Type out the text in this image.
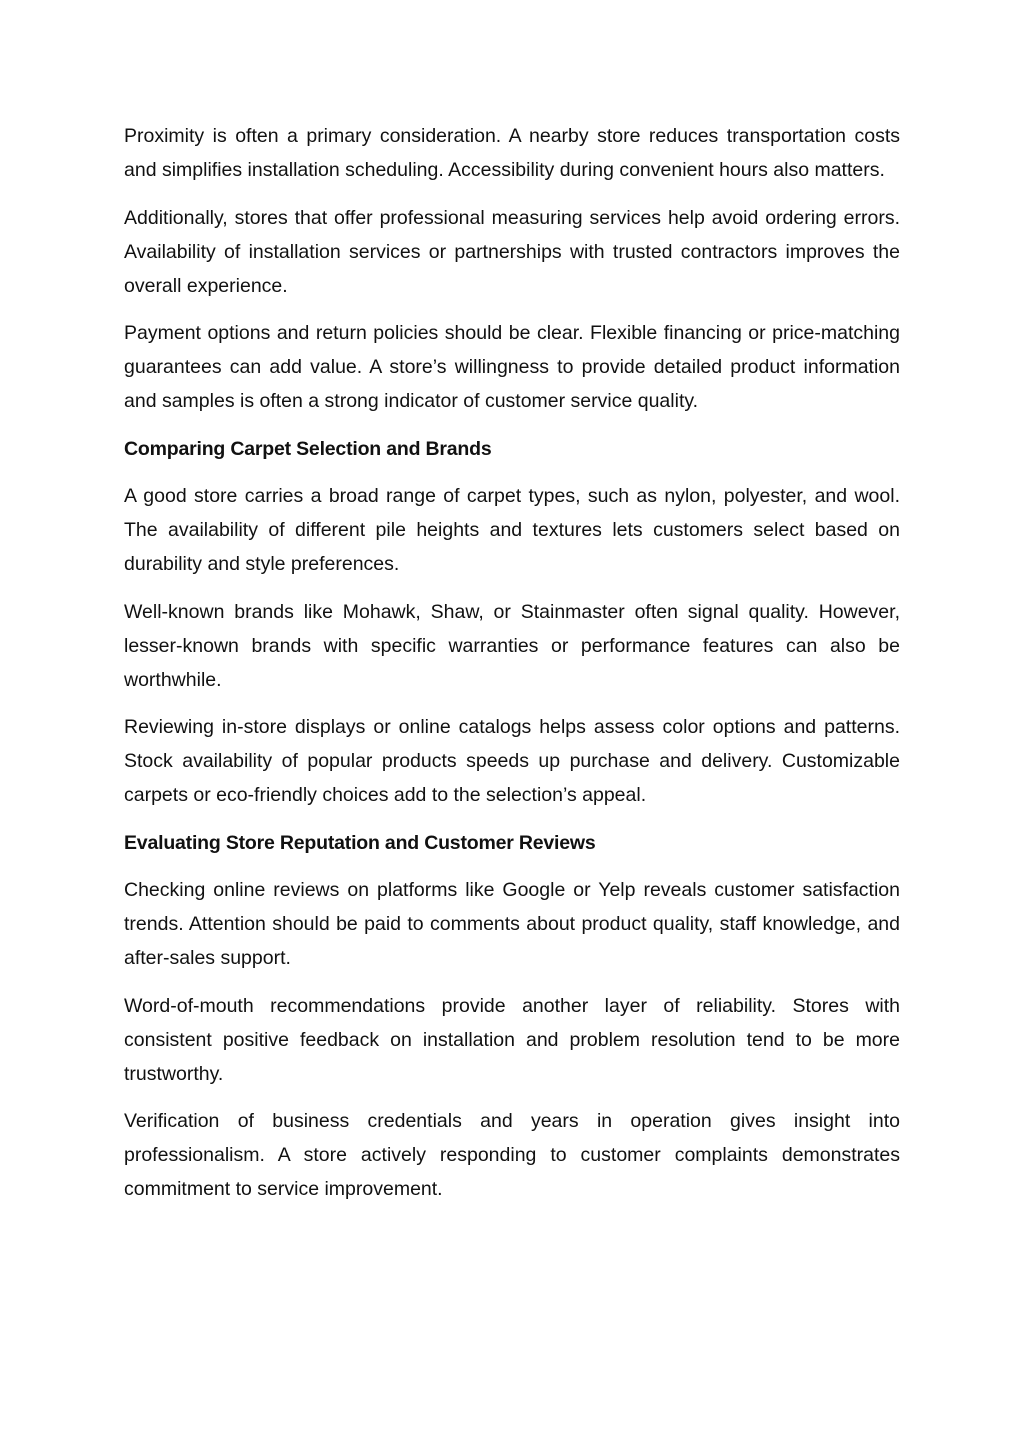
Proximity is often a primary consideration. A nearby store reduces transportation costs and simplifies installation scheduling. Accessibility during convenient hours also matters.

Additionally, stores that offer professional measuring services help avoid ordering errors. Availability of installation services or partnerships with trusted contractors improves the overall experience.

Payment options and return policies should be clear. Flexible financing or price-matching guarantees can add value. A store’s willingness to provide detailed product information and samples is often a strong indicator of customer service quality.

Comparing Carpet Selection and Brands

A good store carries a broad range of carpet types, such as nylon, polyester, and wool. The availability of different pile heights and textures lets customers select based on durability and style preferences.

Well-known brands like Mohawk, Shaw, or Stainmaster often signal quality. However, lesser-known brands with specific warranties or performance features can also be worthwhile.

Reviewing in-store displays or online catalogs helps assess color options and patterns. Stock availability of popular products speeds up purchase and delivery. Customizable carpets or eco-friendly choices add to the selection’s appeal.

Evaluating Store Reputation and Customer Reviews

Checking online reviews on platforms like Google or Yelp reveals customer satisfaction trends. Attention should be paid to comments about product quality, staff knowledge, and after-sales support.

Word-of-mouth recommendations provide another layer of reliability. Stores with consistent positive feedback on installation and problem resolution tend to be more trustworthy.

Verification of business credentials and years in operation gives insight into professionalism. A store actively responding to customer complaints demonstrates commitment to service improvement.
